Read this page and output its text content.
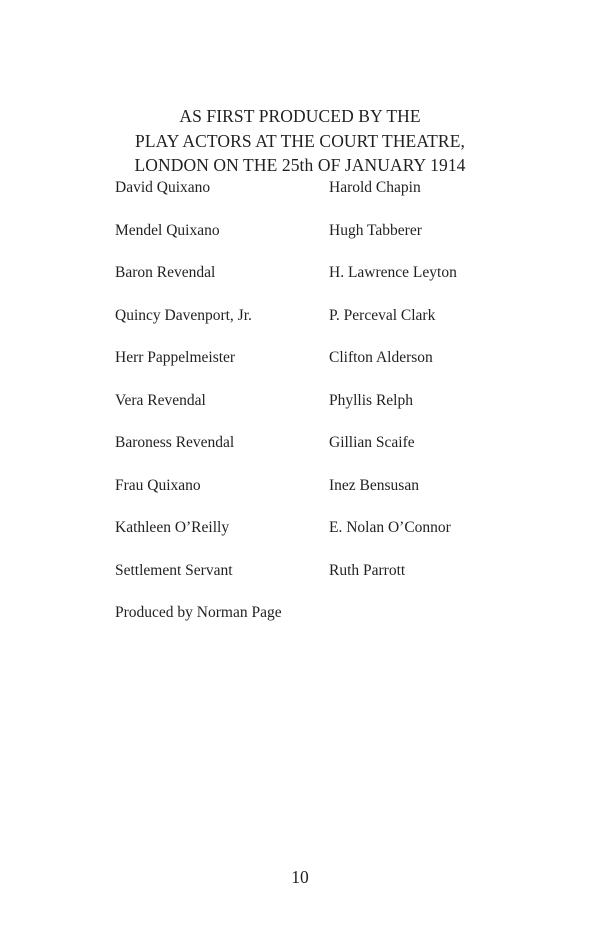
AS FIRST PRODUCED BY THE
PLAY ACTORS AT THE COURT THEATRE,
LONDON ON THE 25th OF JANUARY 1914
David Quixano	Harold Chapin
Mendel Quixano	Hugh Tabberer
Baron Revendal	H. Lawrence Leyton
Quincy Davenport, Jr.	P. Perceval Clark
Herr Pappelmeister	Clifton Alderson
Vera Revendal	Phyllis Relph
Baroness Revendal	Gillian Scaife
Frau Quixano	Inez Bensusan
Kathleen O’Reilly	E. Nolan O’Connor
Settlement Servant	Ruth Parrott
Produced by Norman Page
10
